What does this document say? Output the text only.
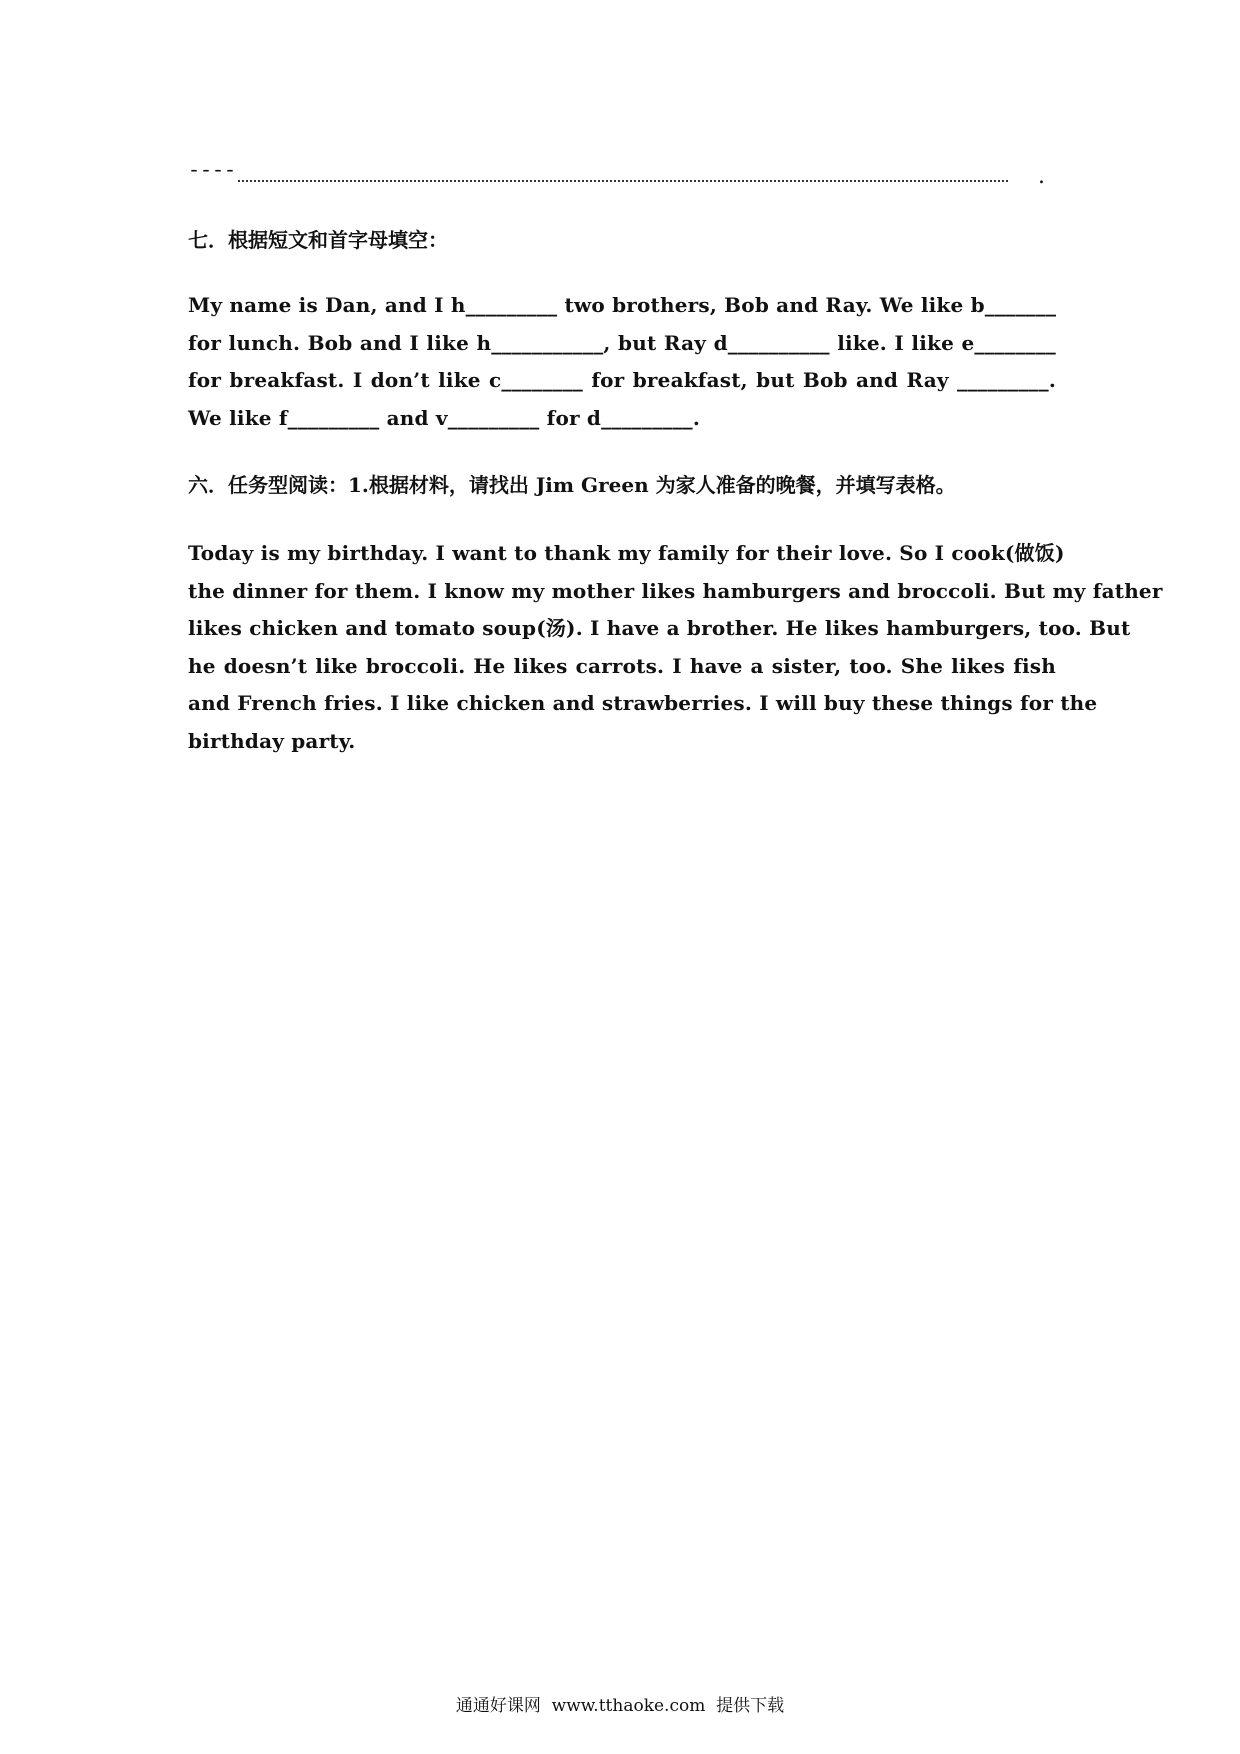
----	.
七．根据短文和首字母填空：
My name is Dan, and I h_________ two brothers, Bob and Ray. We like b_______
for lunch. Bob and I like h___________, but Ray d__________ like. I like e________
for breakfast. I don’t like c________ for breakfast, but Bob and Ray _________.
We like f_________ and v_________ for d_________.
六．任务型阅读：1.根据材料，请找出 Jim Green 为家人准备的晚餐，并填写表格。
Today is my birthday. I want to thank my family for their love. So I cook(做饭)
the dinner for them. I know my mother likes hamburgers and broccoli. But my father
likes chicken and tomato soup(汤). I have a brother. He likes hamburgers, too. But
he doesn’t like broccoli. He likes carrots. I have a sister, too. She likes fish
and French fries. I like chicken and strawberries. I will buy these things for the
birthday party.
通通好课网  www.tthaoke.com  提供下载
